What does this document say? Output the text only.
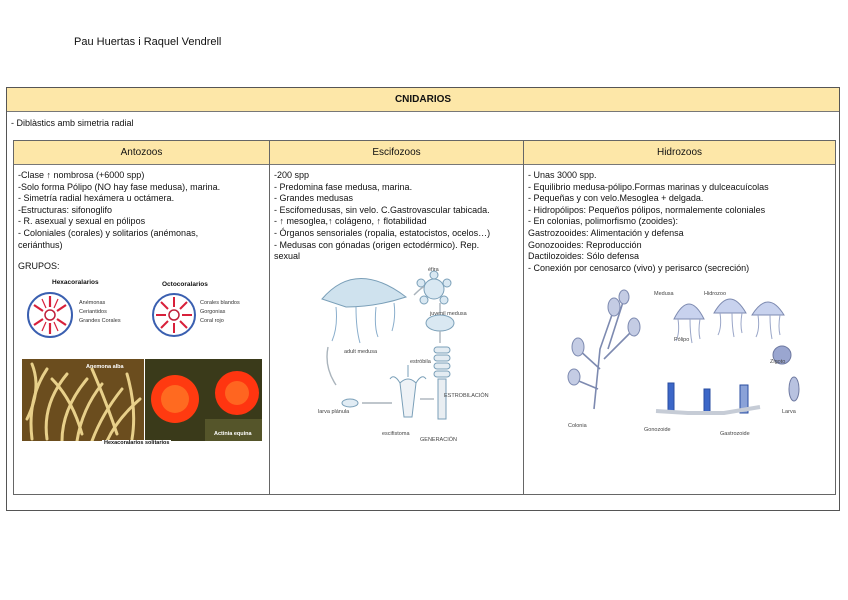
Pau Huertas i Raquel Vendrell
CNIDARIOS
- Diblàstics amb simetria radial
Antozoos
-Clase ↑ nombrosa (+6000 spp)
-Solo forma Pólipo (NO hay fase medusa), marina.
- Simetría radial hexámera u octámera.
-Estructuras: sifonoglifo
- R. asexual y sexual en pólipos
- Coloniales (corales) y solitarios (anémonas,
ceriánthus)
GRUPOS:
Hexacoralarios	Octocoralarios
Anémonas
Ceriantidos
Grandes Corales
Corales blandos
Gorgonias
Coral rojo
Anemona alba
Actinia equina
Hexacoralarios solitarios
Escifozoos
-200 spp
- Predomina fase medusa, marina.
- Grandes medusas
- Escifomedusas, sin velo. C.Gastrovascular tabicada.
- ↑ mesoglea,↑ colágeno, ↑ flotabilidad
- Órganos sensoriales (ropalia, estatocistos, ocelos…)
- Medusas con gónadas (origen ectodérmico). Rep.
sexual
éfira
adult medusa
juvenil medusa
estróbila
escifistoma
larva plánula
GENERACIÓN
ESTROBILACIÓN
Hidrozoos
- Unas 3000 spp.
- Equilibrio medusa-pólipo.Formas marinas y dulceacuícolas
- Pequeñas y con velo.Mesoglea + delgada.
- Hidropólipos: Pequeños pólipos, normalemente coloniales
- En colonias, polimorfismo (zooides):
Gastrozooides: Alimentación y defensa
Gonozooides: Reproducción
Dactilozoides: Sólo defensa
- Conexión por cenosarco (vivo) y perisarco (secreción)
Medusa	Hidrozoo
Pólipo
Zigoto
Larva
Colonia
Gonozoide
Gastrozoide
